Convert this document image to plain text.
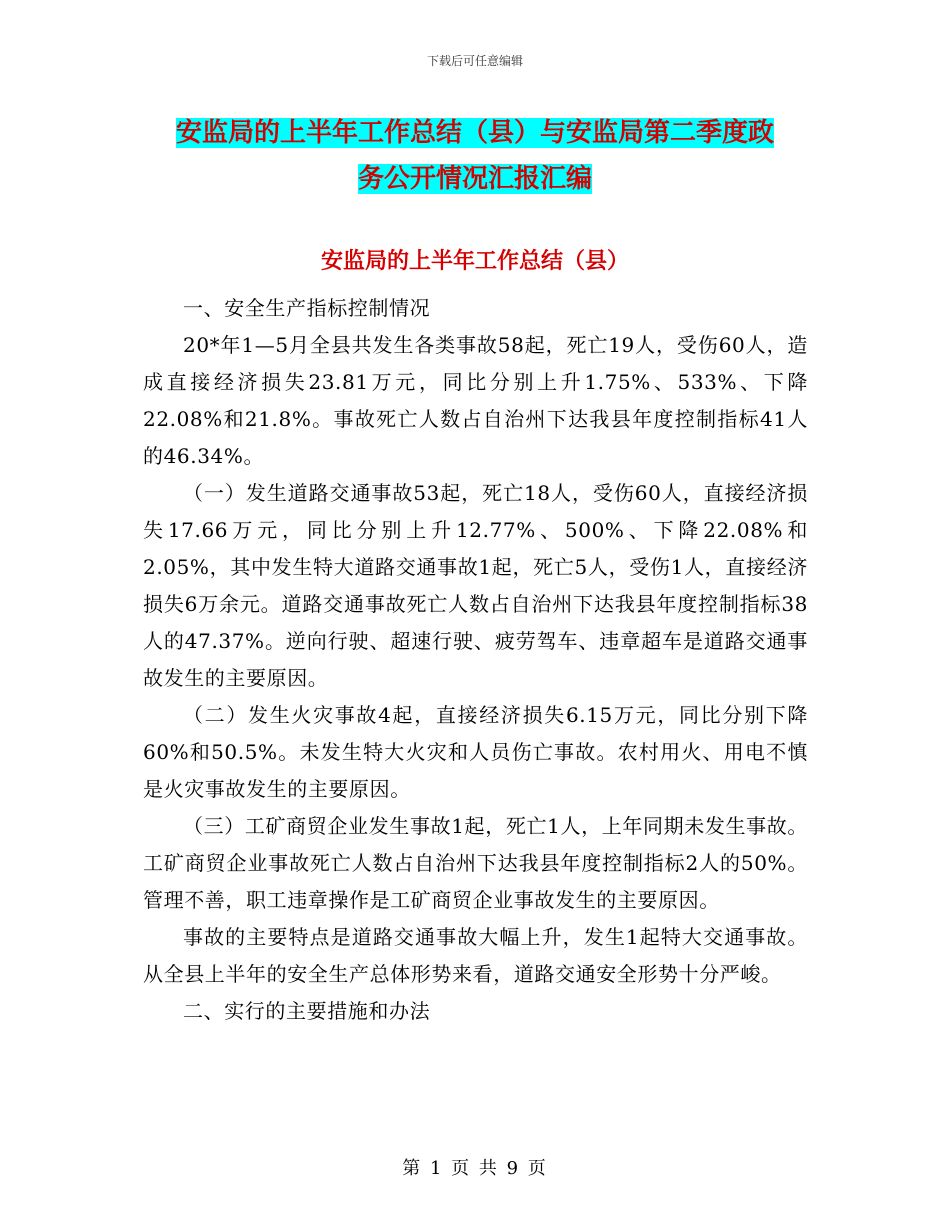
下载后可任意编辑
安监局的上半年工作总结（县）与安监局第二季度政
务公开情况汇报汇编
安监局的上半年工作总结（县）

一、安全生产指标控制情况

20*年1—5月全县共发生各类事故58起，死亡19人，受伤60人，造成直接经济损失23.81万元，同比分别上升1.75%、533%、下降22.08%和21.8%。事故死亡人数占自治州下达我县年度控制指标41人的46.34%。

（一）发生道路交通事故53起，死亡18人，受伤60人，直接经济损失17.66万元，同比分别上升12.77%、500%、下降22.08%和2.05%，其中发生特大道路交通事故1起，死亡5人，受伤1人，直接经济损失6万余元。道路交通事故死亡人数占自治州下达我县年度控制指标38人的47.37%。逆向行驶、超速行驶、疲劳驾车、违章超车是道路交通事故发生的主要原因。

（二）发生火灾事故4起，直接经济损失6.15万元，同比分别下降60%和50.5%。未发生特大火灾和人员伤亡事故。农村用火、用电不慎是火灾事故发生的主要原因。

（三）工矿商贸企业发生事故1起，死亡1人，上年同期未发生事故。工矿商贸企业事故死亡人数占自治州下达我县年度控制指标2人的50%。管理不善，职工违章操作是工矿商贸企业事故发生的主要原因。

事故的主要特点是道路交通事故大幅上升，发生1起特大交通事故。从全县上半年的安全生产总体形势来看，道路交通安全形势十分严峻。

二、实行的主要措施和办法

第 1 页 共 9 页
